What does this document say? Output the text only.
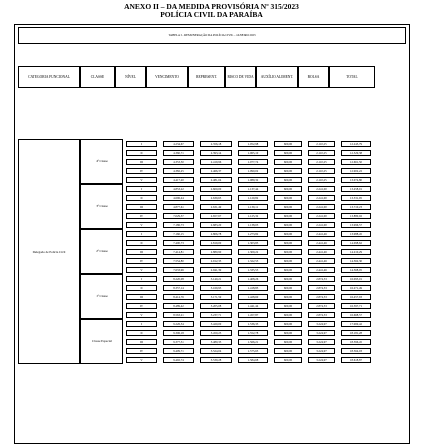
ANEXO II – DA MEDIDA PROVISÓRIA Nº 315/2023
POLÍCIA CIVIL DA PARAÍBA
TABELA I - REMUNERAÇÃO DA POLÍCIA CIVIL – JANEIRO 2023
CATEGORIA FUNCIONAL	CLASSE	NÍVEL	VENCIMENTO	REPRESENT.	RISCO DE VIDA	AUXÍLIO ALIMENT.	BOLSA	TOTAL
Delegado de Polícia Civil
4ª Classe
I	4.234,67	2.356,18	1.052,98	600,00	2.110,25	12.245,79
II	4.360,71	2.393,14	1.065,10	600,00	2.110,25	12.529,38
III	4.353,50	2.419,96	1.077,74	600,00	2.110,25	12.661,50
IV	4.382,25	2.466,37	1.090,02	600,00	2.110,25	12.902,22
V	4.417,20	2.481,04	1.089,32	600,00	2.110,25	13.074,80
3ª Classe
I	4.853,22	2.600,00	1.137,44	600,00	2.241,00	13.458,91
II	4.696,44	2.639,65	1.120,82	600,00	2.241,00	13.531,95
III	4.877,61	2.631,49	1.139,11	600,00	2.241,00	13.710,23
IV	7.029,37	2.657,67	1.125,32	600,00	2.241,00	13.880,02
V	7.186,73	2.683,20	1.138,03	600,00	2.241,00	13.996,57
2ª Classe
I	7.160,15	2.806,78	1.273,82	600,00	2.441,46	13.988,45
II	7.400,73	2.819,00	1.303,85	600,00	2.441,46	14.098,62
III	7.414,81	2.880,90	1.309,22	600,00	2.441,46	14.210,29
IV	7.554,80	2.912,35	1.322,53	600,00	2.441,46	14.562,30
V	7.633,96	2.941,39	1.335,55	600,00	2.441,46	14.568,05
1ª Classe
I	8.220,08	3.140,21	1.408,26	600,00	2.874,53	16.095,01
II	8.357,14	3.169,93	1.418,83	600,00	2.874,53	16.271,49
III	8.414,76	3.171,59	1.428,60	600,00	2.874,53	16.457,93
IV	8.489,42	3.205,08	1.441,44	600,00	2.874,53	16.597,71
V	8.563,21	3.237,71	1.457,87	600,00	2.874,53	16.668,57
Classe Especial
I	9.226,54	3.420,00	1.536,33	600,00	3.224,97	17.969,42
II	9.306,18	3.450,23	1.552,78	600,00	3.224,97	18.181,28
III	9.377,31	3.480,33	1.566,21	600,00	3.224,97	18.396,45
IV	9.409,71	3.524,04	1.575,65	600,00	3.224,97	18.564,03
V	9.492,74	3.539,28	1.584,68	600,00	3.224,97	18.618,87
